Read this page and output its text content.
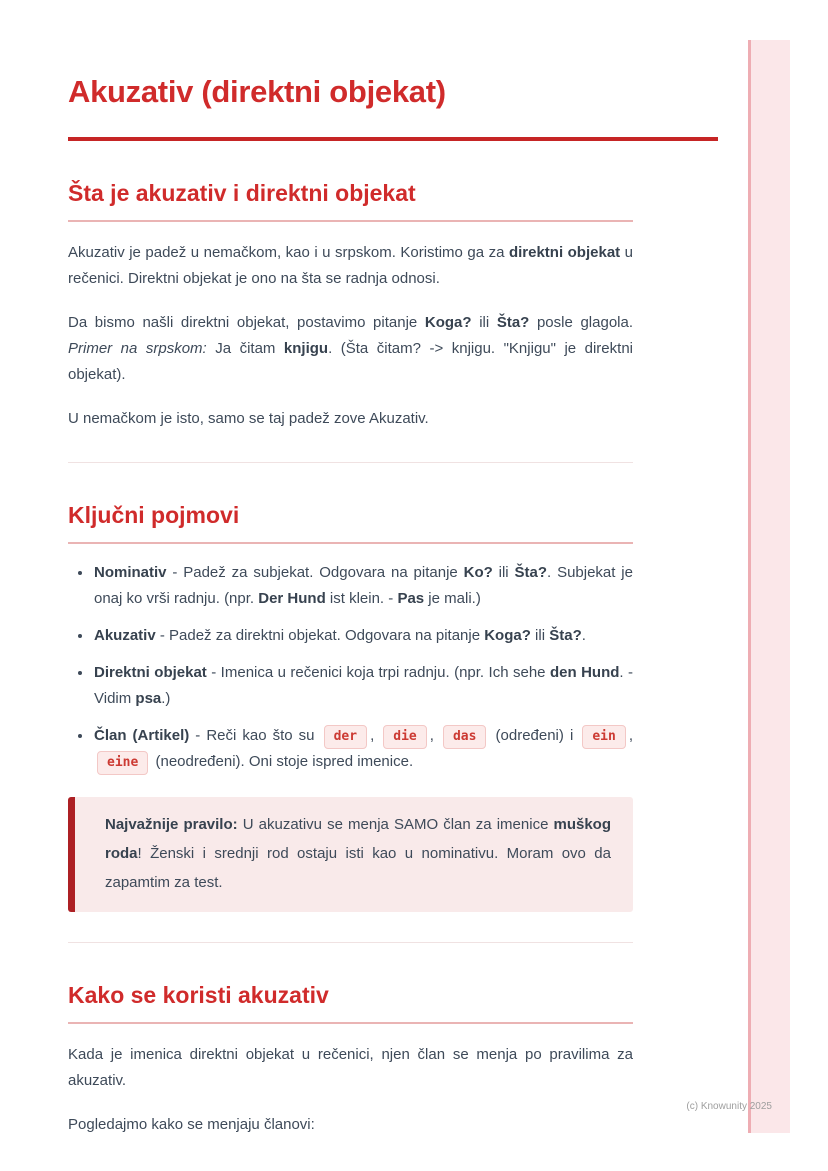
Akuzativ (direktni objekat)
Šta je akuzativ i direktni objekat

Akuzativ je padež u nemačkom, kao i u srpskom. Koristimo ga za direktni objekat u rečenici. Direktni objekat je ono na šta se radnja odnosi.

Da bismo našli direktni objekat, postavimo pitanje Koga? ili Šta? posle glagola. Primer na srpskom: Ja čitam knjigu. (Šta čitam? -> knjigu. "Knjigu" je direktni objekat).

U nemačkom je isto, samo se taj padež zove Akuzativ.

Ključni pojmovi
Nominativ - Padež za subjekat. Odgovara na pitanje Ko? ili Šta?. Subjekat je onaj ko vrši radnju. (npr. Der Hund ist klein. - Pas je mali.)
Akuzativ - Padež za direktni objekat. Odgovara na pitanje Koga? ili Šta?.
Direktni objekat - Imenica u rečenici koja trpi radnju. (npr. Ich sehe den Hund. - Vidim psa.)
Član (Artikel) - Reči kao što su der , die , das (određeni) i ein , eine (neodređeni). Oni stoje ispred imenice.

Najvažnije pravilo: U akuzativu se menja SAMO član za imenice muškog roda! Ženski i srednji rod ostaju isti kao u nominativu. Moram ovo da zapamtim za test.

Kako se koristi akuzativ

Kada je imenica direktni objekat u rečenici, njen član se menja po pravilima za akuzativ.

Pogledajmo kako se menjaju članovi:

(c) Knowunity 2025
